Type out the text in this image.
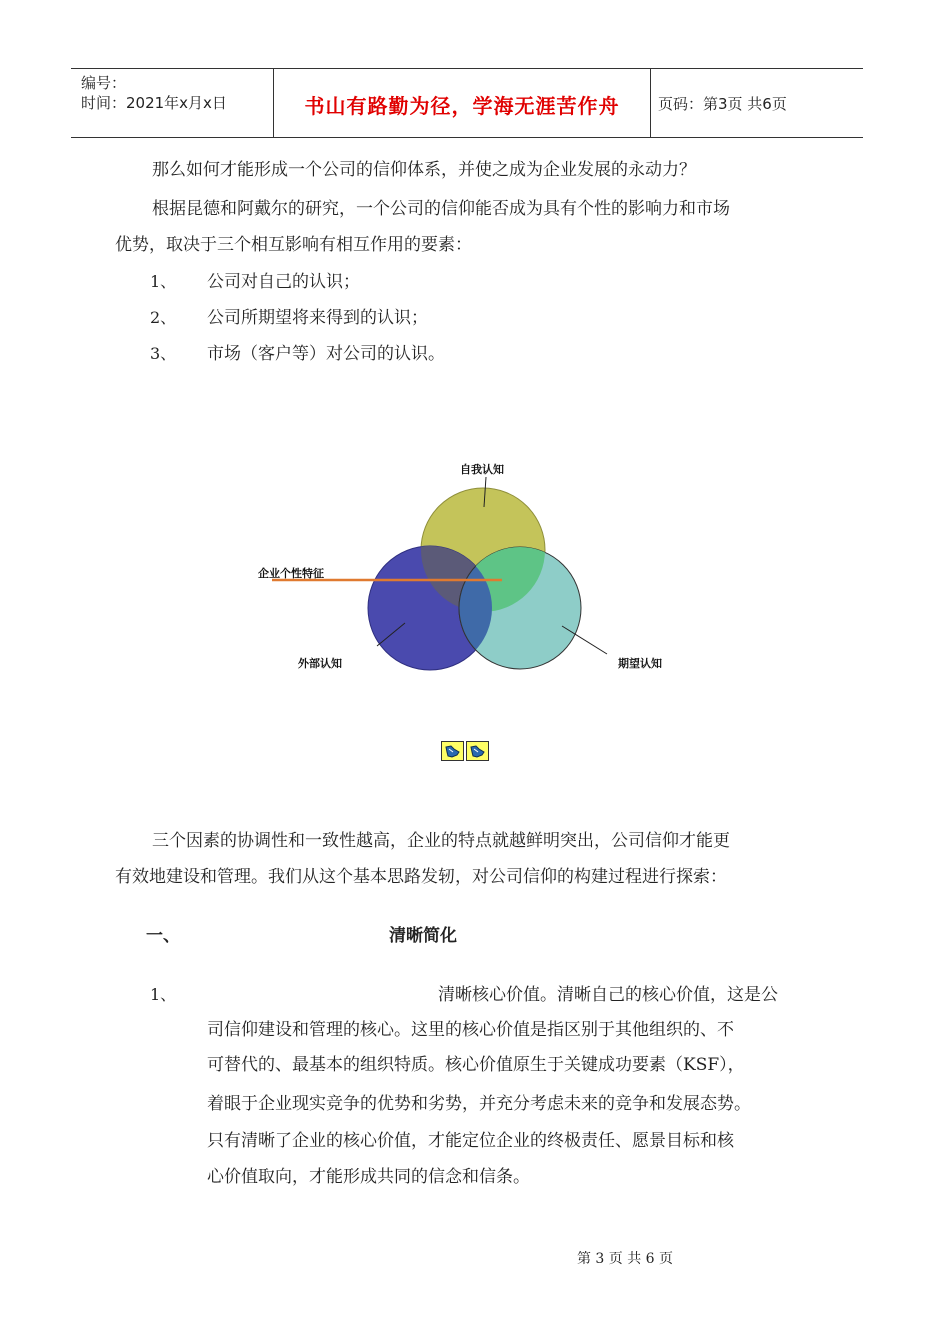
编号：
时间：2021年x月x日	书山有路勤为径，学海无涯苦作舟	页码：第3页 共6页
那么如何才能形成一个公司的信仰体系，并使之成为企业发展的永动力？
根据昆德和阿戴尔的研究，一个公司的信仰能否成为具有个性的影响力和市场
优势，取决于三个相互影响有相互作用的要素：
1、 公司对自己的认识；
2、 公司所期望将来得到的认识；
3、 市场（客户等）对公司的认识。
自我认知
企业个性特征
外部认知	期望认知
三个因素的协调性和一致性越高，企业的特点就越鲜明突出，公司信仰才能更
有效地建设和管理。我们从这个基本思路发轫，对公司信仰的构建过程进行探索：
一、	清晰简化
1、	清晰核心价值。清晰自己的核心价值，这是公
司信仰建设和管理的核心。这里的核心价值是指区别于其他组织的、不
可替代的、最基本的组织特质。核心价值原生于关键成功要素（KSF），
着眼于企业现实竞争的优势和劣势，并充分考虑未来的竞争和发展态势。
只有清晰了企业的核心价值，才能定位企业的终极责任、愿景目标和核
心价值取向，才能形成共同的信念和信条。
第 3 页 共 6 页
